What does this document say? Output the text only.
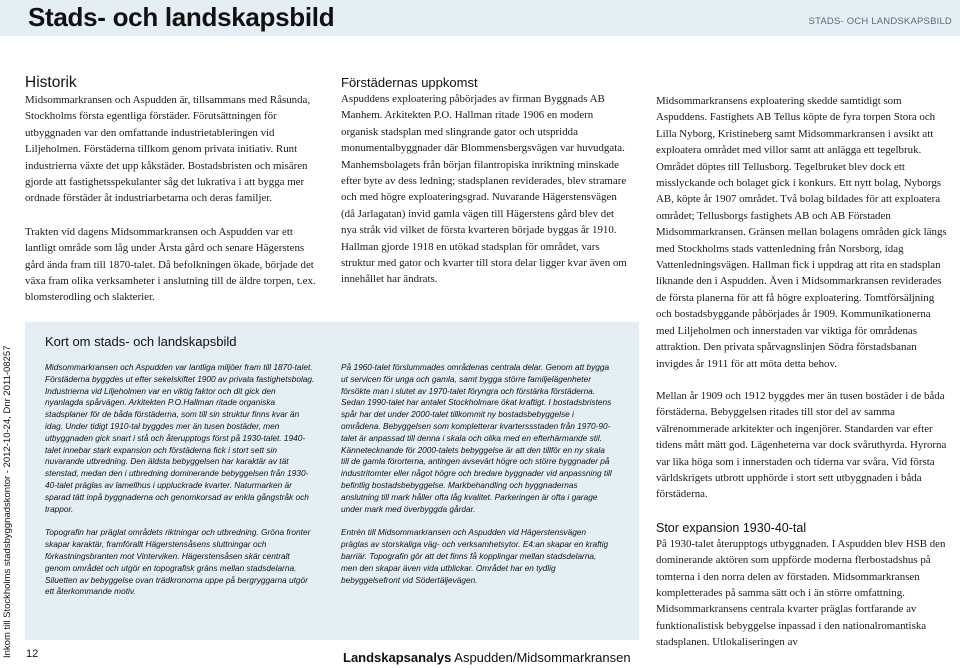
Stads- och landskapsbild	STADS- OCH LANDSKAPSBILD
Inkom till Stockholms stadsbyggnadskontor - 2012-10-24, Dnr 2011-08257
Historik

Midsommarkransen och Aspudden är, tillsammans med Råsunda, Stockholms första egentliga förstäder. Förutsättningen för utbyggnaden var den omfattande industrietableringen vid Liljeholmen. Förstäderna tillkom genom privata initiativ. Runt industrierna växte det upp kåkstäder. Bostadsbristen och misären gjorde att fastighetsspekulanter såg det lukrativa i att bygga mer ordnade förstäder åt industriarbetarna och deras familjer.

Trakten vid dagens Midsommarkransen och Aspudden var ett lantligt område som låg under Årsta gård och senare Hägerstens gård ända fram till 1870-talet. Då befolkningen ökade, började det växa fram olika verksamheter i anslutning till de äldre torpen, t.ex. blomsterodling och slakterier.

Kort om stads- och landskapsbild

Midsommarkransen och Aspudden var lantliga miljöer fram till 1870-talet. Förstäderna byggdes ut efter sekelskiftet 1900 av privata fastighetsbolag. Industrierna vid Liljeholmen var en viktig faktor och dit gick den nyanlagda spårvägen. Arkitekten P.O.Hallman ritade organiska stadsplaner för de båda förstäderna, som till sin struktur finns kvar än idag. Under tidigt 1910-tal byggdes mer än tusen bostäder, men utbyggnaden gick snart i stå och återupptogs först på 1930-talet. 1940-talet innebar stark expansion och förstäderna fick i stort sett sin nuvarande utbredning. Den äldsta bebyggelsen har karaktär av tät stenstad, medan den i utbredning dominerande bebyggelsen från 1930-40-talet präglas av lamellhus i uppluckrade kvarter. Naturmarken är sparad tätt inpå byggnaderna och genomkorsad av enkla gångstråk och trappor.

Topografin har präglat områdets riktningar och utbredning. Gröna fronter skapar karaktär, framförallt Hägerstensåsens sluttningar och förkastningsbranten mot Vinterviken. Hägerstensåsen skär centralt genom området och utgör en topografisk gräns mellan stadsdelarna. Siluetten av bebyggelse ovan trädkronorna uppe på bergryggarna utgör ett återkommande motiv.

På 1960-talet förslummades områdenas centrala delar. Genom att bygga ut servicen för unga och gamla, samt bygga större familjelägenheter försökte man i slutet av 1970-talet föryngra och förstärka förstäderna. Sedan 1990-talet har antalet Stockholmare ökat kraftigt. I bostadsbristens spår har det under 2000-talet tillkommit ny bostadsbebyggelse i områdena. Bebyggelsen som kompletterar kvarterssstaden från 1970-90-talet är anpassad till denna i skala och olika med en efterhärmande stil. Kännetecknande för 2000-talets bebyggelse är att den tillför en ny skala till de gamla förorterna, antingen avsevärt högre och större byggnader på industritomter eller något högre och bredare byggnader vid anpassning till befintlig bostadsbebyggelse. Markbehandling och byggnadernas anslutning till mark håller ofta låg kvalitet. Parkeringen är ofta i garage under mark med överbyggda gårdar.

Entrén till Midsommarkransen och Aspudden vid Hägerstensvägen präglas av storskaliga väg- och verksamhetsytor. E4:an skapar en kraftig barriär. Topografin gör att det finns få kopplingar mellan stadsdelarna, men den skapar även vida utblickar. Området har en tydlig bebyggelsefront vid Södertäljevägen.

Förstädernas uppkomst

Aspuddens exploatering påbörjades av firman Byggnads AB Manhem. Arkitekten P.O. Hallman ritade 1906 en modern organisk stadsplan med slingrande gator och utspridda monumentalbyggnader där Blommensbergsvägen var huvudgata. Manhemsbolagets från början filantropiska inriktning minskade efter byte av dess ledning; stadsplanen reviderades, blev stramare och med högre exploateringsgrad. Nuvarande Hägerstensvägen (då Jarlagatan) invid gamla vägen till Hägerstens gård blev det nya stråk vid vilket de första kvarteren började byggas år 1910. Hallman gjorde 1918 en utökad stadsplan för området, vars struktur med gator och kvarter till stora delar ligger kvar även om innehållet har ändrats.

Midsommarkransens exploatering skedde samtidigt som Aspuddens. Fastighets AB Tellus köpte de fyra torpen Stora och Lilla Nyborg, Kristineberg samt Midsommarkransen i avsikt att exploatera området med villor samt att anlägga ett tegelbruk. Området döptes till Tellusborg. Tegelbruket blev dock ett misslyckande och bolaget gick i konkurs. Ett nytt bolag, Nyborgs AB, köpte år 1907 området. Två bolag bildades för att exploatera området; Tellusborgs fastighets AB och AB Förstaden Midsommarkransen. Gränsen mellan bolagens områden gick längs med Stockholms stads vattenledning från Norsborg, idag Vattenledningsvägen. Hallman fick i uppdrag att rita en stadsplan liknande den i Aspudden. Även i Midsommarkransen reviderades de första planerna för att få högre exploatering. Tomtförsäljning och bostadsbyggande påbörjades år 1909. Kommunikationerna med Liljeholmen och innerstaden var viktiga för områdenas attraktion. Den privata spårvagnslinjen Södra förstadsbanan invigdes år 1911 för att möta detta behov.

Mellan år 1909 och 1912 byggdes mer än tusen bostäder i de båda förstäderna. Bebyggelsen ritades till stor del av samma välrenommerade arkitekter och ingenjörer. Standarden var efter tidens mått mätt god. Lägenheterna var dock svåruthyrda. Hyrorna var lika höga som i innerstaden och tiderna var svåra. Vid första världskrigets utbrott upphörde i stort sett utbyggnaden i båda förstäderna.

Stor expansion 1930-40-tal

På 1930-talet återupptogs utbyggnaden. I Aspudden blev HSB den dominerande aktören som uppförde moderna flerbostadshus på tomterna i den norra delen av förstaden. Midsommarkransen kompletterades på samma sätt och i än större omfattning. Midsommarkransens centrala kvarter präglas fortfarande av funktionalistisk bebyggelse inpassad i den nationalromantiska stadsplanen. Utlokaliseringen av

12	Landskapsanalys Aspudden/Midsommarkransen
